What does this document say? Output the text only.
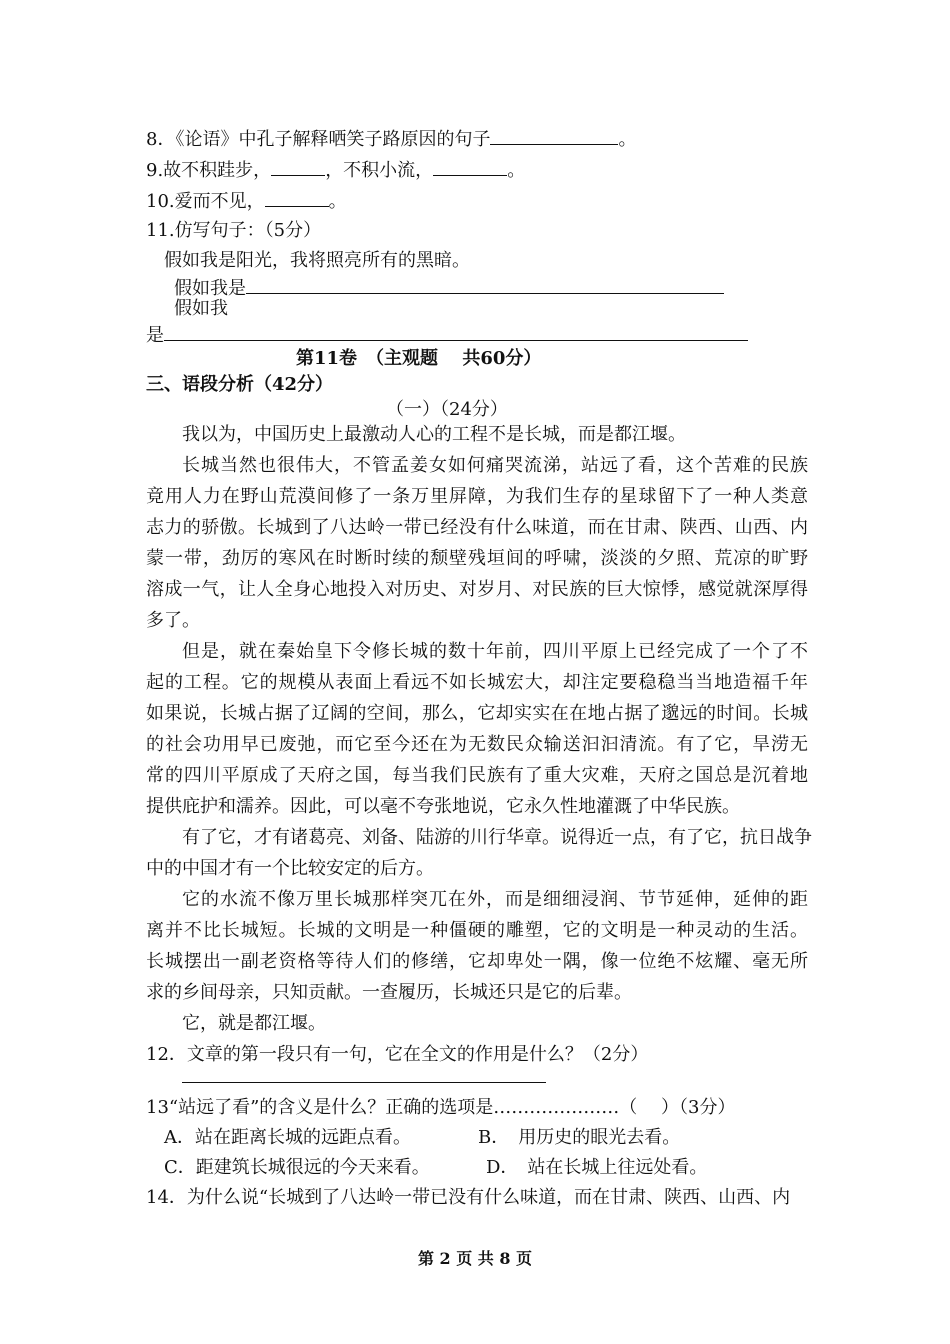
8．《论语》中孔子解释哂笑子路原因的句子	。
9.故不积跬步，	，不积小流，	。
10.爱而不见，	。
11.仿写句子：（5分）
假如我是阳光，我将照亮所有的黑暗。
假如我是
假如我
是
第11卷　（主观题　 共60分）
三、语段分析（42分）
（一）（24分）
我以为，中国历史上最激动人心的工程不是长城，而是都江堰。
长城当然也很伟大，不管孟姜女如何痛哭流涕，站远了看，这个苦难的民族
竟用人力在野山荒漠间修了一条万里屏障，为我们生存的星球留下了一种人类意
志力的骄傲。长城到了八达岭一带已经没有什么味道，而在甘肃、陕西、山西、内
蒙一带，劲厉的寒风在时断时续的颓壁残垣间的呼啸，淡淡的夕照、荒凉的旷野
溶成一气，让人全身心地投入对历史、对岁月、对民族的巨大惊悸，感觉就深厚得
多了。
但是，就在秦始皇下令修长城的数十年前，四川平原上已经完成了一个了不
起的工程。它的规模从表面上看远不如长城宏大，却注定要稳稳当当地造福千年
如果说，长城占据了辽阔的空间，那么，它却实实在在地占据了邈远的时间。长城
的社会功用早已废弛，而它至今还在为无数民众输送汩汩清流。有了它，旱涝无
常的四川平原成了天府之国，每当我们民族有了重大灾难，天府之国总是沉着地
提供庇护和濡养。因此，可以毫不夸张地说，它永久性地灌溉了中华民族。
有了它，才有诸葛亮、刘备、陆游的川行华章。说得近一点，有了它，抗日战争
中的中国才有一个比较安定的后方。
它的水流不像万里长城那样突兀在外，而是细细浸润、节节延伸，延伸的距
离并不比长城短。长城的文明是一种僵硬的雕塑，它的文明是一种灵动的生活。
长城摆出一副老资格等待人们的修缮，它却卑处一隅，像一位绝不炫耀、毫无所
求的乡间母亲，只知贡献。一查履历，长城还只是它的后辈。
它，就是都江堰。
12．文章的第一段只有一句，它在全文的作用是什么？（2分）
13“站远了看”的含义是什么？正确的选项是…………………（　 ）（3分）
A．站在距离长城的远距点看。	B．　用历史的眼光去看。
C．距建筑长城很远的今天来看。	D．　站在长城上往远处看。
14．为什么说“长城到了八达岭一带已没有什么味道，而在甘肃、陕西、山西、内
第 2 页 共 8 页
